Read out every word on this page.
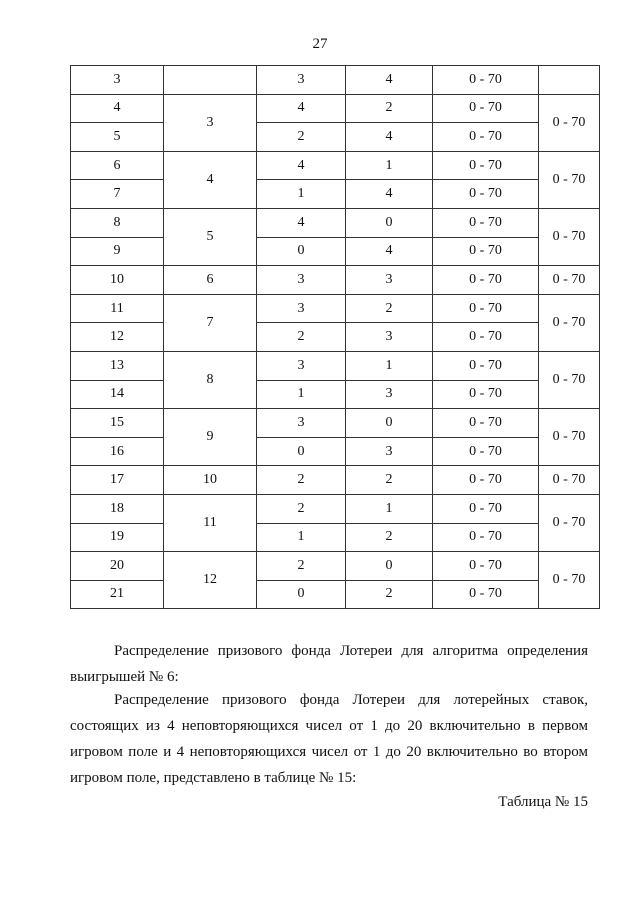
27
3		3	4	0 - 70	
4	3	4	2	0 - 70	0 - 70
5		2	4	0 - 70	
6	4	4	1	0 - 70	0 - 70
7		1	4	0 - 70	
8	5	4	0	0 - 70	0 - 70
9		0	4	0 - 70	
10	6	3	3	0 - 70	0 - 70
11	7	3	2	0 - 70	0 - 70
12		2	3	0 - 70	
13	8	3	1	0 - 70	0 - 70
14		1	3	0 - 70	
15	9	3	0	0 - 70	0 - 70
16		0	3	0 - 70	
17	10	2	2	0 - 70	0 - 70
18	11	2	1	0 - 70	0 - 70
19		1	2	0 - 70	
20	12	2	0	0 - 70	0 - 70
21		0	2	0 - 70	

Распределение призового фонда Лотереи для алгоритма определения выигрышей № 6:

Распределение призового фонда Лотереи для лотерейных ставок, состоящих из 4 неповторяющихся чисел от 1 до 20 включительно в первом игровом поле и 4 неповторяющихся чисел от 1 до 20 включительно во втором игровом поле, представлено в таблице № 15:

Таблица № 15
